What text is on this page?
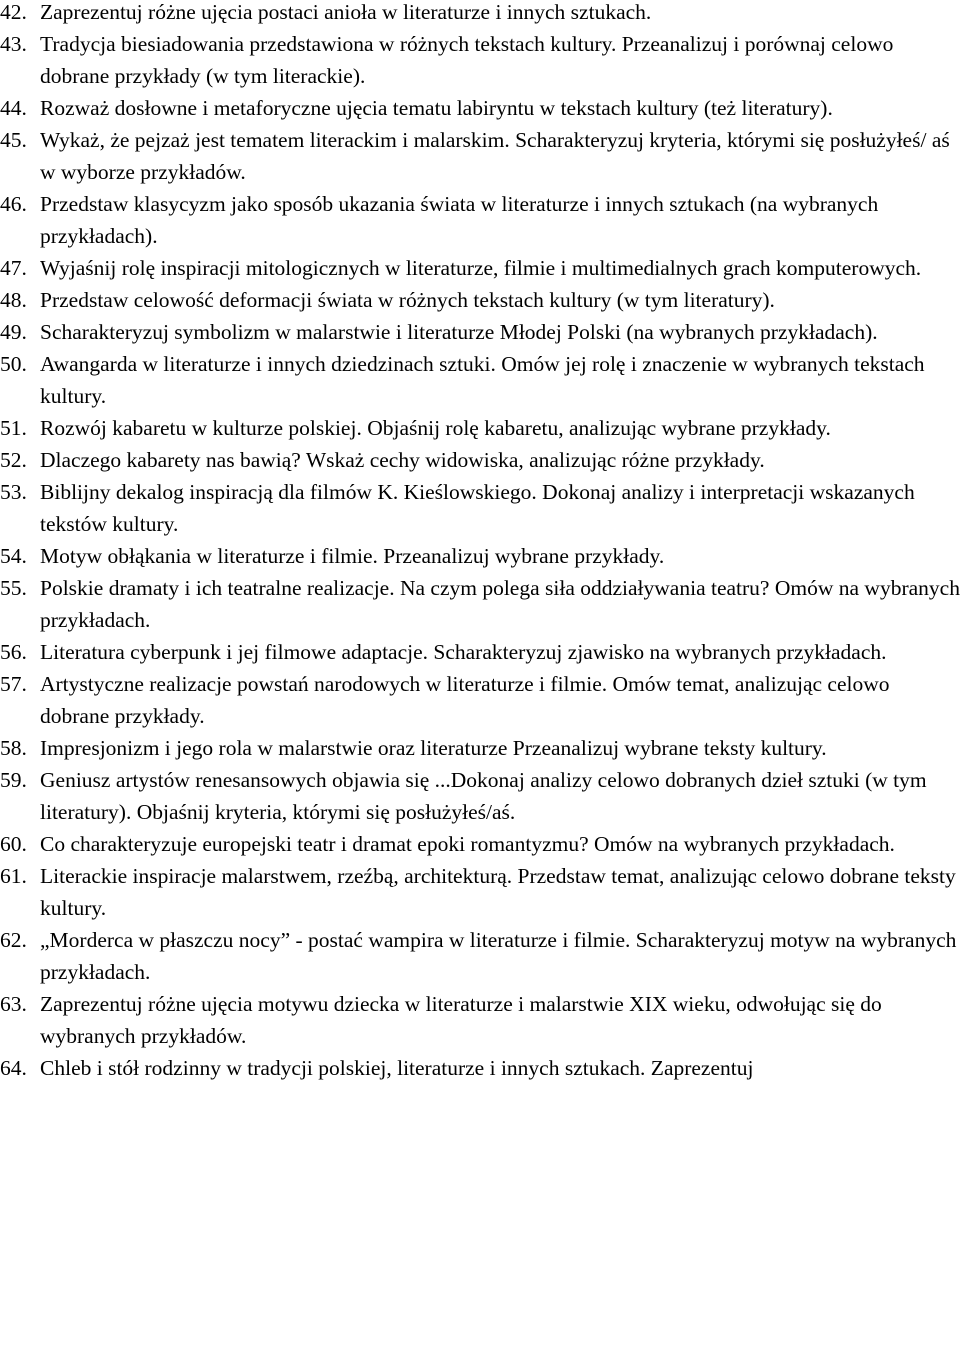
42. Zaprezentuj różne ujęcia postaci anioła w literaturze i innych sztukach.
43. Tradycja biesiadowania przedstawiona w różnych tekstach kultury. Przeanalizuj i porównaj celowo dobrane przykłady (w tym literackie).
44. Rozważ dosłowne i metaforyczne ujęcia tematu labiryntu w tekstach kultury (też literatury).
45. Wykaż, że pejzaż jest tematem literackim i malarskim. Scharakteryzuj kryteria, którymi się posłużyłeś/ aś w wyborze przykładów.
46. Przedstaw klasycyzm jako sposób ukazania świata w literaturze i innych sztukach (na wybranych przykładach).
47. Wyjaśnij rolę inspiracji mitologicznych w literaturze, filmie i multimedialnych grach komputerowych.
48. Przedstaw celowość deformacji świata w różnych tekstach kultury (w tym literatury).
49. Scharakteryzuj symbolizm w malarstwie i literaturze Młodej Polski (na wybranych przykładach).
50. Awangarda w literaturze i innych dziedzinach sztuki. Omów jej rolę i znaczenie w wybranych tekstach kultury.
51. Rozwój kabaretu w kulturze polskiej. Objaśnij rolę kabaretu, analizując wybrane przykłady.
52. Dlaczego kabarety nas bawią? Wskaż cechy widowiska, analizując różne przykłady.
53. Biblijny dekalog inspiracją dla filmów K. Kieślowskiego. Dokonaj analizy i interpretacji wskazanych tekstów kultury.
54. Motyw obłąkania w literaturze i filmie. Przeanalizuj wybrane przykłady.
55. Polskie dramaty i ich teatralne realizacje. Na czym polega siła oddziaływania teatru? Omów na wybranych przykładach.
56. Literatura cyberpunk i jej filmowe adaptacje. Scharakteryzuj zjawisko na wybranych przykładach.
57. Artystyczne realizacje powstań narodowych w literaturze i filmie. Omów temat, analizując celowo dobrane przykłady.
58. Impresjonizm i jego rola w malarstwie oraz literaturze Przeanalizuj wybrane teksty kultury.
59. Geniusz artystów renesansowych objawia się ...Dokonaj analizy celowo dobranych dzieł sztuki (w tym literatury). Objaśnij kryteria, którymi się posłużyłeś/aś.
60. Co charakteryzuje europejski teatr i dramat epoki romantyzmu? Omów na wybranych przykładach.
61. Literackie inspiracje malarstwem, rzeźbą, architekturą. Przedstaw temat, analizując celowo dobrane teksty kultury.
62. „Morderca w płaszczu nocy” - postać wampira w literaturze i filmie. Scharakteryzuj motyw na wybranych przykładach.
63. Zaprezentuj różne ujęcia motywu dziecka w literaturze i malarstwie XIX wieku, odwołując się do wybranych przykładów.
64. Chleb i stół rodzinny w tradycji polskiej, literaturze i innych sztukach. Zaprezentuj
